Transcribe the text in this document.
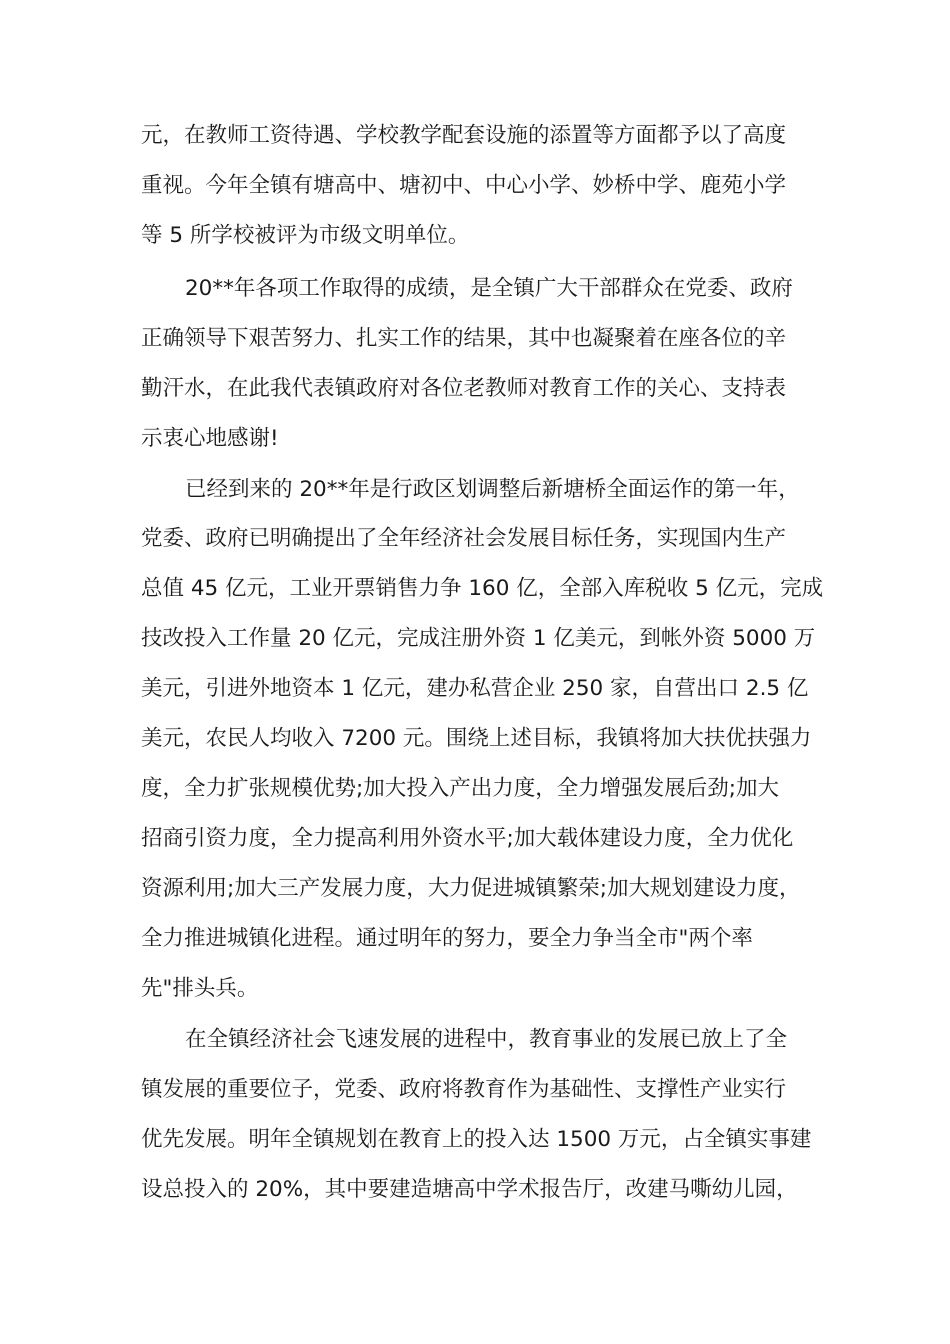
元，在教师工资待遇、学校教学配套设施的添置等方面都予以了高度

重视。今年全镇有塘高中、塘初中、中心小学、妙桥中学、鹿苑小学

等 5 所学校被评为市级文明单位。

20**年各项工作取得的成绩，是全镇广大干部群众在党委、政府

正确领导下艰苦努力、扎实工作的结果，其中也凝聚着在座各位的辛

勤汗水，在此我代表镇政府对各位老教师对教育工作的关心、支持表

示衷心地感谢!

已经到来的 20**年是行政区划调整后新塘桥全面运作的第一年，

党委、政府已明确提出了全年经济社会发展目标任务，实现国内生产

总值 45 亿元，工业开票销售力争 160 亿，全部入库税收 5 亿元，完成

技改投入工作量 20 亿元，完成注册外资 1 亿美元，到帐外资 5000 万

美元，引进外地资本 1 亿元，建办私营企业 250 家，自营出口 2.5 亿

美元，农民人均收入 7200 元。围绕上述目标，我镇将加大扶优扶强力

度，全力扩张规模优势;加大投入产出力度，全力增强发展后劲;加大

招商引资力度，全力提高利用外资水平;加大载体建设力度，全力优化

资源利用;加大三产发展力度，大力促进城镇繁荣;加大规划建设力度，

全力推进城镇化进程。通过明年的努力，要全力争当全市"两个率

先"排头兵。

在全镇经济社会飞速发展的进程中，教育事业的发展已放上了全

镇发展的重要位子，党委、政府将教育作为基础性、支撑性产业实行

优先发展。明年全镇规划在教育上的投入达 1500 万元，占全镇实事建

设总投入的 20%，其中要建造塘高中学术报告厅，改建马嘶幼儿园，
